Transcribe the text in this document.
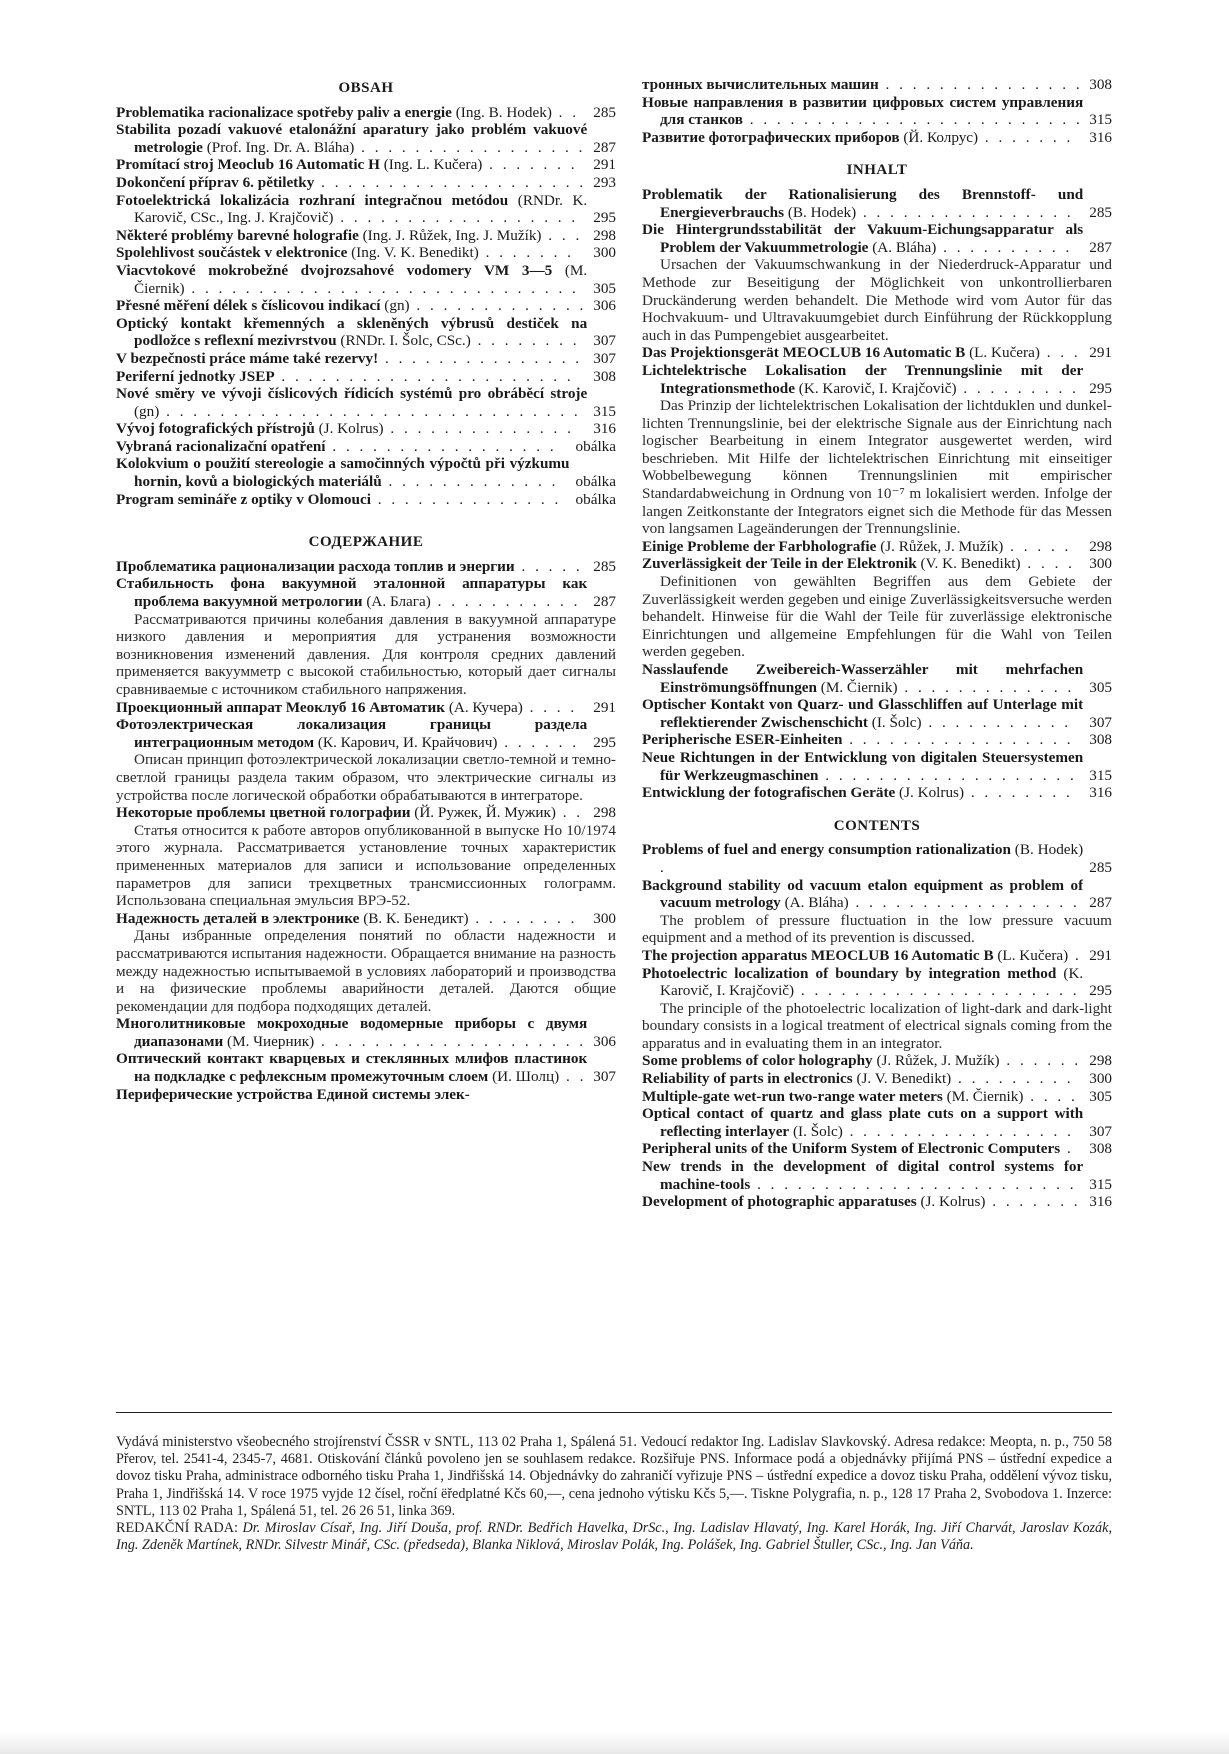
OBSAH
Problematika racionalizace spotřeby paliv a energie (Ing. B. Hodek) . . 285
Stabilita pozadí vakuové etalonážní aparatury jako problém vakuové metrologie (Prof. Ing. Dr. A. Bláha) . . . . . . . . . . . . . . . . . 287
Promítací stroj Meoclub 16 Automatic H (Ing. L. Kučera) . . . . . . .	291
Dokončení příprav 6. pětiletky . . . . . . . . . . . . . . . . . . . . 293
Fotoelektrická lokalizácia rozhraní integračnou metódou (RNDr. K. Karovič, CSc., Ing. J. Krajčovič) . . . . . . . . . . . . . . . . . . 295
Některé problémy barevné holografie (Ing. J. Růžek, Ing. J. Mužík) . . . 298
Spolehlivost součástek v elektronice (Ing. V. K. Benedikt) . . . . . . .	300
Viacvtokové mokrobežné dvojrozsahové vodomery VM 3—5 (M. Čiernik) . . . . . . . . . . . . . . . . . . . . . . . . . . . . . 305
Přesné měření délek s číslicovou indikací (gn) . . . . . . . . . . . . . 306
Optický kontakt křemenných a skleněných výbrusů destiček na podložce s reflexní mezivrstvou (RNDr. I. Šolc, CSc.) . . . . . . . . 307
V bezpečnosti práce máme také rezervy! . . . . . . . . . . . . . . . 307
Periferní jednotky JSEP . . . . . . . . . . . . . . . . . . . . . .	308
Nové směry ve vývoji číslicových řídicích systémů pro obráběcí stroje (gn) . . . . . . . . . . . . . . . . . . . . . . . . . . . . . . . 315
Vývoj fotografických přístrojů (J. Kolrus) . . . . . . . . . . . . . .	316
Vybraná racionalizační opatření . . . . . . . . . . . . . . . . .	obálka
Kolokvium o použití stereologie a samočinných výpočtů při výzkumu hornin, kovů a biologických materiálů . . . . . . . . . . . . .	obálka
Program semináře z optiky v Olomouci . . . . . . . . . . . . . . obálka
СОДЕРЖАНИЕ
Проблематика рационализации расхода топлив и энергии . . . . . 285
Стабильность фона вакуумной эталонной аппаратуры как проблема вакуумной метрологии (А. Блага) . . . . . . . . . . . 287
Рассматриваются причины колебания давления в вакуумной аппаратуре низкого давления и мероприятия для устранения возможности возникновения изменений давления. Для контроля средних давлений применяется вакуумметр с высокой стабильностью, который дает сигналы сравниваемые с источником стабильного напряжения.
Проекционный аппарат Меоклуб 16 Автоматик (А. Кучера) . . . .	291
Фотоэлектрическая локализация границы раздела интеграционным методом (К. Карович, И. Крайчович) . . . . . . 295
Описан принцип фотоэлектрической локализации светло-темной и темно-светлой границы раздела таким образом, что электрические сигналы из устройства после логической обработки обрабатываются в интеграторе.
Некоторые проблемы цветной голографии (Й. Ружек, Й. Мужик) . . 298
Статья относится к работе авторов опубликованной в выпуске Но 10/1974 этого журнала. Рассматривается установление точных характеристик примененных материалов для записи и использование определенных параметров для записи трехцветных трансмиссионных голограмм. Использована специальная эмульсия ВРЭ-52.
Надежность деталей в электронике (В. К. Бенедикт) . . . . . . . .	300
Даны избранные определения понятий по области надежности и рассматриваются испытания надежности. Обращается внимание на разность между надежностью испытываемой в условиях лабораторий и производства и на физические проблемы аварийности деталей. Даются общие рекомендации для подбора подходящих деталей.
Многолитниковые мокроходные водомерные приборы с двумя диапазонами (М. Чиерник) . . . . . . . . . . . . . . . . . . . . 306
Оптический контакт кварцевых и стеклянных млифов пластинок на подкладке с рефлексным промежуточным слоем (И. Шолц) . . 307
Периферические устройства Единой системы элек-
тронных вычислительных машин . . . . . . . . . . . . . . . 308
Новые направления в развитии цифровых систем управления для станков . . . . . . . . . . . . . . . . . . . . . . . . . 315
Развитие фотографических приборов (Й. Колрус) . . . . . . .	316
INHALT
Problematik der Rationalisierung des Brennstoff- und Energieverbrauchs (B. Hodek) . . . . . . . . . . . . . . . .	285
Die Hintergrundsstabilität der Vakuum-Eichungsapparatur als Problem der Vakuummetrologie (A. Bláha) . . . . . . . . . .	287
Ursachen der Vakuumschwankung in der Niederdruck-Apparatur und Methode zur Beseitigung der Möglichkeit von unkontrollierbaren Druckänderung werden behandelt. Die Methode wird vom Autor für das Hochvakuum- und Ultravakuumgebiet durch Einführung der Rückkopplung auch in das Pumpengebiet ausgearbeitet.
Das Projektionsgerät MEOCLUB 16 Automatic B (L. Kučera) . . . 291
Lichtelektrische Lokalisation der Trennungslinie mit der Integrationsmethode (K. Karovič, I. Krajčovič) . . . . . . . . . 295
Das Prinzip der lichtelektrischen Lokalisation der lichtduklen und dunkel-lichten Trennungslinie, bei der elektrische Signale aus der Einrichtung nach logischer Bearbeitung in einem Integrator ausgewertet werden, wird beschrieben. Mit Hilfe der lichtelektrischen Einrichtung mit einseitiger Wobbelbewegung können Trennungslinien mit empirischer Standardabweichung in Ordnung von 10⁻⁷ m lokalisiert werden. Infolge der langen Zeitkonstante der Integrators eignet sich die Methode für das Messen von langsamen Lageänderungen der Trennungslinie.
Einige Probleme der Farbholografie (J. Růžek, J. Mužík) . . . . .	298
Zuverlässigkeit der Teile in der Elektronik (V. K. Benedikt) . . . . 300
Definitionen von gewählten Begriffen aus dem Gebiete der Zuverlässigkeit werden gegeben und einige Zuverlässigkeitsversuche werden behandelt. Hinweise für die Wahl der Teile für zuverlässige elektronische Einrichtungen und allgemeine Empfehlungen für die Wahl von Teilen werden gegeben.
Nasslaufende Zweibereich-Wasserzähler mit mehrfachen Einströmungsöffnungen (M. Čiernik) . . . . . . . . . . . . . 305
Optischer Kontakt von Quarz- und Glasschliffen auf Unterlage mit reflektierender Zwischenschicht (I. Šolc) . . . . . . . . . . .	307
Peripherische ESER-Einheiten . . . . . . . . . . . . . . . . .	308
Neue Richtungen in der Entwicklung von digitalen Steuersystemen für Werkzeugmaschinen . . . . . . . . . . . . . . . . . . . 315
Entwicklung der fotografischen Geräte (J. Kolrus) . . . . . . . .	316
CONTENTS
Problems of fuel and energy consumption rationalization (B. Hodek) .	285
Background stability od vacuum etalon equipment as problem of vacuum metrology (A. Bláha) . . . . . . . . . . . . . . . . . 287
The problem of pressure fluctuation in the low pressure vacuum equipment and a method of its prevention is discussed.
The projection apparatus MEOCLUB 16 Automatic B (L. Kučera) . 291
Photoelectric localization of boundary by integration method (K. Karovič, I. Krajčovič) . . . . . . . . . . . . . . . . . . . . . 295
The principle of the photoelectric localization of light-dark and dark-light boundary consists in a logical treatment of electrical signals coming from the apparatus and in evaluating them in an integrator.
Some problems of color holography (J. Růžek, J. Mužík) . . . . . . 298
Reliability of parts in electronics (J. V. Benedikt) . . . . . . . . .	300
Multiple-gate wet-run two-range water meters (M. Čiernik) . . . . 305
Optical contact of quartz and glass plate cuts on a support with reflecting interlayer (I. Šolc) . . . . . . . . . . . . . . . . .	307
Peripheral units of the Uniform System of Electronic Computers .	308
New trends in the development of digital control systems for machine-tools . . . . . . . . . . . . . . . . . . . . . . . . 315
Development of photographic apparatuses (J. Kolrus) . . . . . . . 316
Vydává ministerstvo všeobecného strojírenství ČSSR v SNTL, 113 02 Praha 1, Spálená 51. Vedoucí redaktor Ing. Ladislav Slavkovský. Adresa redakce: Meopta, n. p., 750 58 Přerov, tel. 2541-4, 2345-7, 4681. Otiskování článků povoleno jen se souhlasem redakce. Rozšiřuje PNS. Informace podá a objednávky přijímá PNS – ústřední expedice a dovoz tisku Praha, administrace odborného tisku Praha 1, Jindřišská 14. Objednávky do zahraničí vyřizuje PNS – ústřední expedice a dovoz tisku Praha, oddělení vývoz tisku, Praha 1, Jindřišská 14. V roce 1975 vyjde 12 čísel, roční ëředplatné Kčs 60,—, cena jednoho výtisku Kčs 5,—. Tiskne Polygrafia, n. p., 128 17 Praha 2, Svobodova 1. Inzerce: SNTL, 113 02 Praha 1, Spálená 51, tel. 26 26 51, linka 369.
REDAKČNÍ RADA: Dr. Miroslav Císař, Ing. Jiří Douša, prof. RNDr. Bedřich Havelka, DrSc., Ing. Ladislav Hlavatý, Ing. Karel Horák, Ing. Jiří Charvát, Jaroslav Kozák, Ing. Zdeněk Martínek, RNDr. Silvestr Minář, CSc. (předseda), Blanka Niklová, Miroslav Polák, Ing. Polášek, Ing. Gabriel Štuller, CSc., Ing. Jan Váňa.
